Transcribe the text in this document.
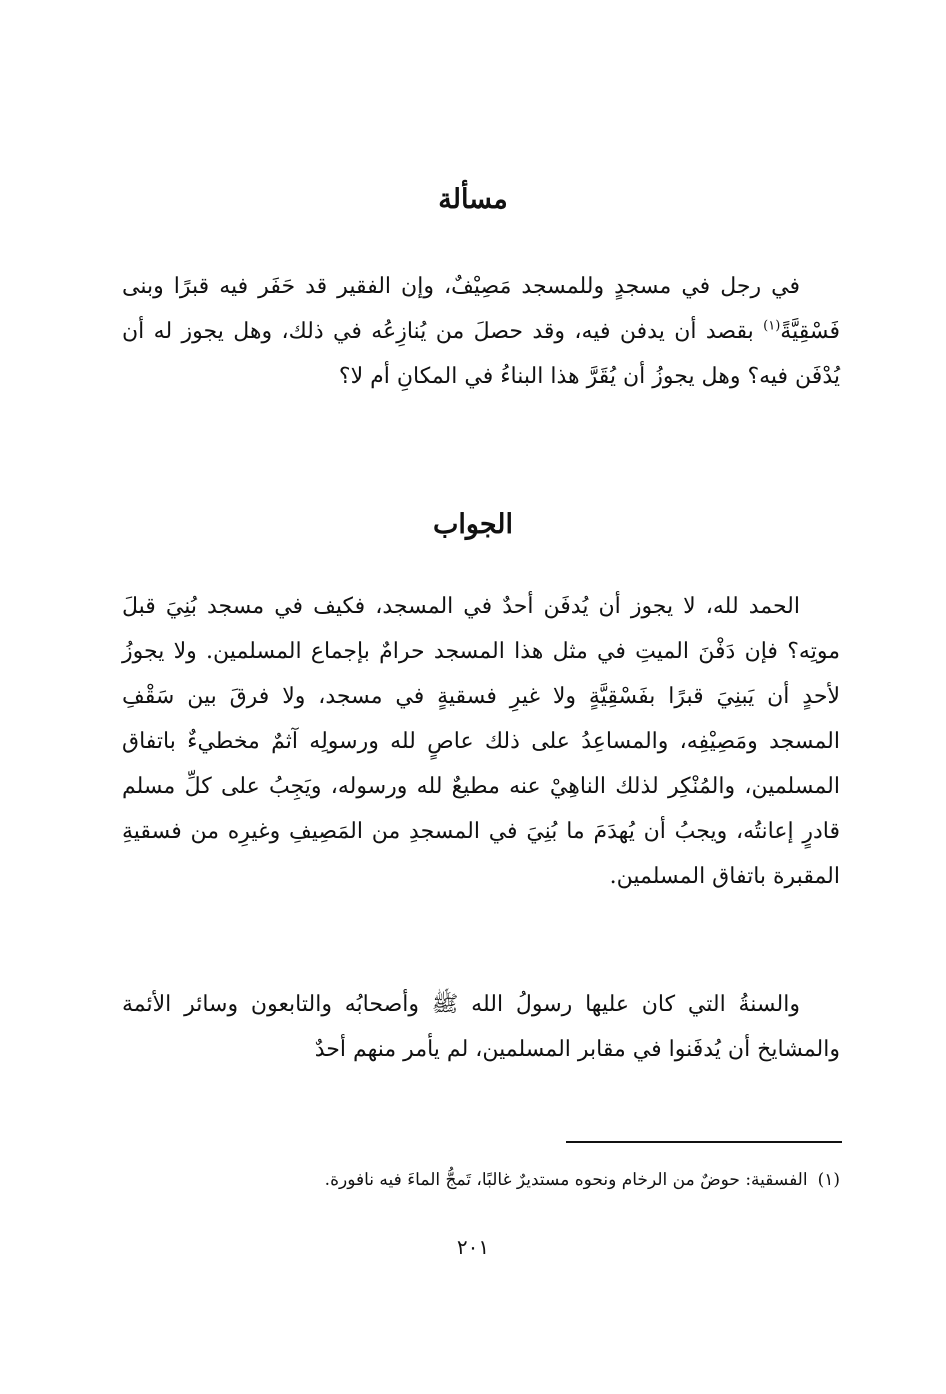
مسألة

في رجل في مسجدٍ وللمسجد مَصِيْفٌ، وإن الفقير قد حَفَر فيه قبرًا وبنى فَسْقِيَّةً$^{(١)}$ بقصد أن يدفن فيه، وقد حصلَ من يُنازِعُه في ذلك، وهل يجوز له أن يُدْفَن فيه؟ وهل يجوزُ أن يُقَرَّ هذا البناءُ في المكانِ أم لا؟

الجواب

الحمد لله، لا يجوز أن يُدفَن أحدٌ في المسجد، فكيف في مسجد بُنِيَ قبلَ موتِه؟ فإن دَفْنَ الميتِ في مثل هذا المسجد حرامٌ بإجماع المسلمين. ولا يجوزُ لأحدٍ أن يَبنِيَ قبرًا بفَسْقِيَّةٍ ولا غيرِ فسقيةٍ في مسجد، ولا فرقَ بين سَقْفِ المسجد ومَصِيْفِه، والمساعِدُ على ذلك عاصٍ لله ورسولِه آثمٌ مخطيءٌ باتفاق المسلمين، والمُنْكِر لذلك الناهِيْ عنه مطيعٌ لله ورسوله، ويَجِبُ على كلِّ مسلم قادرٍ إعانتُه، ويجبُ أن يُهدَمَ ما بُنِيَ في المسجدِ من المَصِيفِ وغيرِه من فسقيةِ المقبرة باتفاق المسلمين.

والسنةُ التي كان عليها رسولُ الله ﷺ وأصحابُه والتابعون وسائر الأئمة والمشايخ أن يُدفَنوا في مقابر المسلمين، لم يأمر منهم أحدٌ

(١)الفسقية: حوضٌ من الرخام ونحوه مستديرٌ غالبًا، تَمجُّ الماءَ فيه نافورة.

٢٠١
